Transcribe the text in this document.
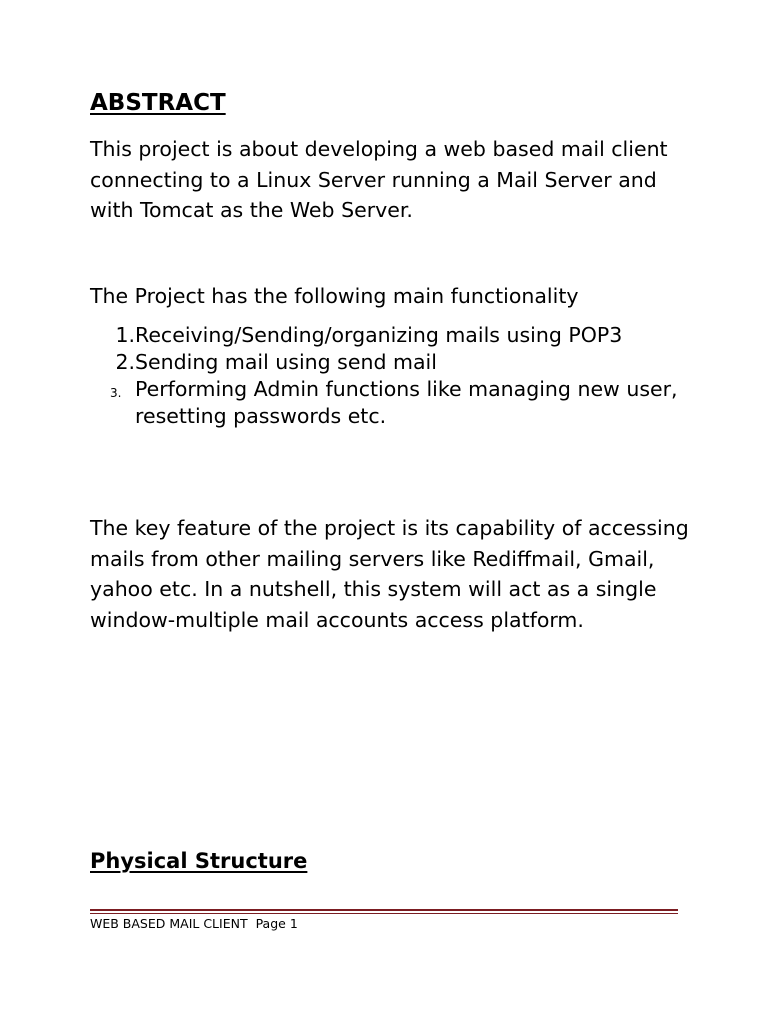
ABSTRACT

This project is about developing a web based mail client connecting to a Linux Server running a Mail Server and with Tomcat as the Web Server.

The Project has the following main functionality

1. Receiving/Sending/organizing mails using POP3
2. Sending mail using send mail
3. Performing Admin functions like managing new user, resetting passwords etc.

The key feature of the project is its capability of accessing mails from other mailing servers like Rediffmail, Gmail, yahoo etc. In a nutshell, this system will act as a single window-multiple mail accounts access platform.

Physical Structure
WEB BASED MAIL CLIENT Page 1
